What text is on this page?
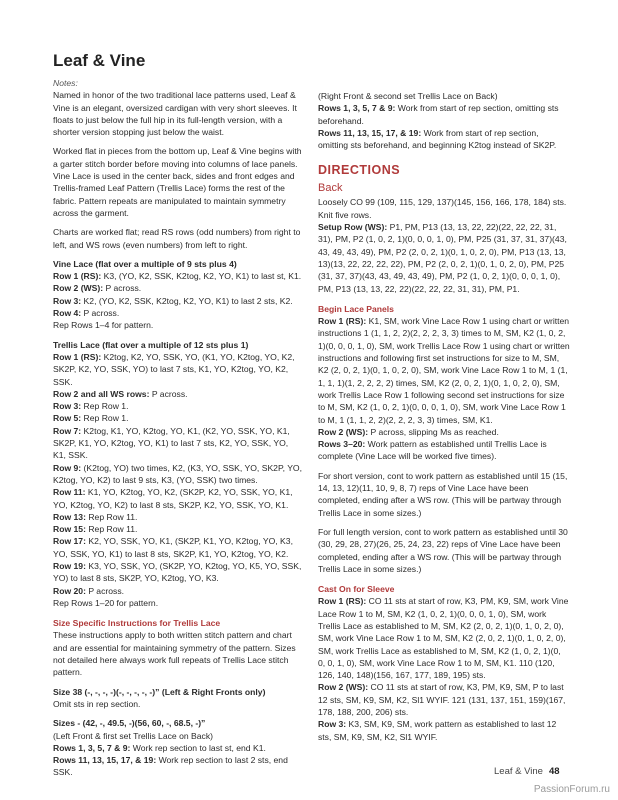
Leaf & Vine

Notes:

Named in honor of the two traditional lace patterns used, Leaf & Vine is an elegant, oversized cardigan with very short sleeves. It floats to just below the full hip in its full-length version, with a shorter version stopping just below the waist.

Worked flat in pieces from the bottom up, Leaf & Vine begins with a garter stitch border before moving into columns of lace panels. Vine Lace is used in the center back, sides and front edges and Trellis-framed Leaf Pattern (Trellis Lace) forms the rest of the fabric. Pattern repeats are manipulated to maintain symmetry across the garment.

Charts are worked flat; read RS rows (odd numbers) from right to left, and WS rows (even numbers) from left to right.

Vine Lace (flat over a multiple of 9 sts plus 4)

Row 1 (RS): K3, (YO, K2, SSK, K2tog, K2, YO, K1) to last st, K1.

Row 2 (WS): P across.

Row 3: K2, (YO, K2, SSK, K2tog, K2, YO, K1) to last 2 sts, K2.

Row 4: P across.

Rep Rows 1–4 for pattern.

Trellis Lace (flat over a multiple of 12 sts plus 1)

Row 1 (RS): K2tog, K2, YO, SSK, YO, (K1, YO, K2tog, YO, K2, SK2P, K2, YO, SSK, YO) to last 7 sts, K1, YO, K2tog, YO, K2, SSK.

Row 2 and all WS rows: P across.

Row 3: Rep Row 1.

Row 5: Rep Row 1.

Row 7: K2tog, K1, YO, K2tog, YO, K1, (K2, YO, SSK, YO, K1, SK2P, K1, YO, K2tog, YO, K1) to last 7 sts, K2, YO, SSK, YO, K1, SSK.

Row 9: (K2tog, YO) two times, K2, (K3, YO, SSK, YO, SK2P, YO, K2tog, YO, K2) to last 9 sts, K3, (YO, SSK) two times.

Row 11: K1, YO, K2tog, YO, K2, (SK2P, K2, YO, SSK, YO, K1, YO, K2tog, YO, K2) to last 8 sts, SK2P, K2, YO, SSK, YO, K1.

Row 13: Rep Row 11.

Row 15: Rep Row 11.

Row 17: K2, YO, SSK, YO, K1, (SK2P, K1, YO, K2tog, YO, K3, YO, SSK, YO, K1) to last 8 sts, SK2P, K1, YO, K2tog, YO, K2.

Row 19: K3, YO, SSK, YO, (SK2P, YO, K2tog, YO, K5, YO, SSK, YO) to last 8 sts, SK2P, YO, K2tog, YO, K3.

Row 20: P across.

Rep Rows 1–20 for pattern.

Size Specific Instructions for Trellis Lace

These instructions apply to both written stitch pattern and chart and are essential for maintaining symmetry of the pattern. Sizes not detailed here always work full repeats of Trellis Lace stitch pattern.

Size 38 (-, -, -, -)(-, -, -, -, -)” (Left & Right Fronts only)

Omit sts in rep section.

Sizes - (42, -, 49.5, -)(56, 60, -, 68.5, -)”

(Left Front & first set Trellis Lace on Back)

Rows 1, 3, 5, 7 & 9: Work rep section to last st, end K1.

Rows 11, 13, 15, 17, & 19: Work rep section to last 2 sts, end SSK.

(Right Front & second set Trellis Lace on Back)

Rows 1, 3, 5, 7 & 9: Work from start of rep section, omitting sts beforehand.

Rows 11, 13, 15, 17, & 19: Work from start of rep section, omitting sts beforehand, and beginning K2tog instead of SK2P.

DIRECTIONS

Back

Loosely CO 99 (109, 115, 129, 137)(145, 156, 166, 178, 184) sts. Knit five rows.

Setup Row (WS): P1, PM, P13 (13, 13, 22, 22)(22, 22, 22, 31, 31), PM, P2 (1, 0, 2, 1)(0, 0, 0, 1, 0), PM, P25 (31, 37, 31, 37)(43, 43, 49, 43, 49), PM, P2 (2, 0, 2, 1)(0, 1, 0, 2, 0), PM, P13 (13, 13, 13)(13, 22, 22, 22, 22), PM, P2 (2, 0, 2, 1)(0, 1, 0, 2, 0), PM, P25 (31, 37, 37)(43, 43, 49, 43, 49), PM, P2 (1, 0, 2, 1)(0, 0, 0, 1, 0), PM, P13 (13, 13, 22, 22)(22, 22, 22, 31, 31), PM, P1.

Begin Lace Panels

Row 1 (RS): K1, SM, work Vine Lace Row 1 using chart or written instructions 1 (1, 1, 2, 2)(2, 2, 2, 3, 3) times to M, SM, K2 (1, 0, 2, 1)(0, 0, 0, 1, 0), SM, work Trellis Lace Row 1 using chart or written instructions and following first set instructions for size to M, SM, K2 (2, 0, 2, 1)(0, 1, 0, 2, 0), SM, work Vine Lace Row 1 to M, 1 (1, 1, 1, 1)(1, 2, 2, 2, 2) times, SM, K2 (2, 0, 2, 1)(0, 1, 0, 2, 0), SM, work Trellis Lace Row 1 following second set instructions for size to M, SM, K2 (1, 0, 2, 1)(0, 0, 0, 1, 0), SM, work Vine Lace Row 1 to M, 1 (1, 1, 2, 2)(2, 2, 2, 3, 3) times, SM, K1.

Row 2 (WS): P across, slipping Ms as reached.

Rows 3–20: Work pattern as established until Trellis Lace is complete (Vine Lace will be worked five times).

For short version, cont to work pattern as established until 15 (15, 14, 13, 12)(11, 10, 9, 8, 7) reps of Vine Lace have been completed, ending after a WS row. (This will be partway through Trellis Lace in some sizes.)

For full length version, cont to work pattern as established until 30 (30, 29, 28, 27)(26, 25, 24, 23, 22) reps of Vine Lace have been completed, ending after a WS row. (This will be partway through Trellis Lace in some sizes.)

Cast On for Sleeve

Row 1 (RS): CO 11 sts at start of row, K3, PM, K9, SM, work Vine Lace Row 1 to M, SM, K2 (1, 0, 2, 1)(0, 0, 0, 1, 0), SM, work Trellis Lace as established to M, SM, K2 (2, 0, 2, 1)(0, 1, 0, 2, 0), SM, work Vine Lace Row 1 to M, SM, K2 (2, 0, 2, 1)(0, 1, 0, 2, 0), SM, work Trellis Lace as established to M, SM, K2 (1, 0, 2, 1)(0, 0, 0, 1, 0), SM, work Vine Lace Row 1 to M, SM, K1. 110 (120, 126, 140, 148)(156, 167, 177, 189, 195) sts.

Row 2 (WS): CO 11 sts at start of row, K3, PM, K9, SM, P to last 12 sts, SM, K9, SM, K2, Sl1 WYIF. 121 (131, 137, 151, 159)(167, 178, 188, 200, 206) sts.

Row 3: K3, SM, K9, SM, work pattern as established to last 12 sts, SM, K9, SM, K2, Sl1 WYIF.

Leaf & Vine 48
PassionForum.ru
